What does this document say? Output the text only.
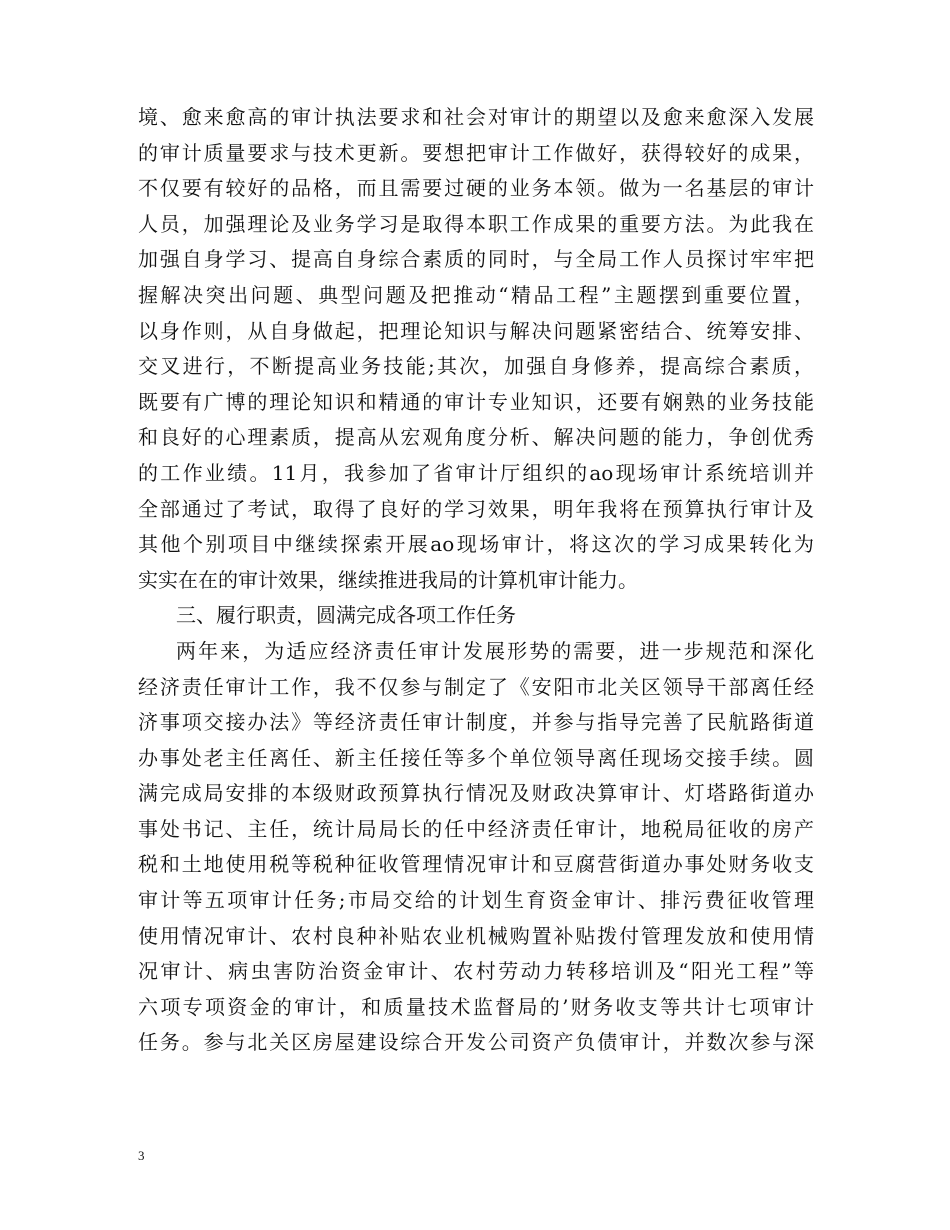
境、愈来愈高的审计执法要求和社会对审计的期望以及愈来愈深入发展
的审计质量要求与技术更新。要想把审计工作做好，获得较好的成果，
不仅要有较好的品格，而且需要过硬的业务本领。做为一名基层的审计
人员，加强理论及业务学习是取得本职工作成果的重要方法。为此我在
加强自身学习、提高自身综合素质的同时，与全局工作人员探讨牢牢把
握解决突出问题、典型问题及把推动“精品工程”主题摆到重要位置，
以身作则，从自身做起，把理论知识与解决问题紧密结合、统筹安排、
交叉进行，不断提高业务技能;其次，加强自身修养，提高综合素质，
既要有广博的理论知识和精通的审计专业知识，还要有娴熟的业务技能
和良好的心理素质，提高从宏观角度分析、解决问题的能力，争创优秀
的工作业绩。11月，我参加了省审计厅组织的ao现场审计系统培训并
全部通过了考试，取得了良好的学习效果，明年我将在预算执行审计及
其他个别项目中继续探索开展ao现场审计，将这次的学习成果转化为
实实在在的审计效果，继续推进我局的计算机审计能力。
三、履行职责，圆满完成各项工作任务
两年来，为适应经济责任审计发展形势的需要，进一步规范和深化
经济责任审计工作，我不仅参与制定了《安阳市北关区领导干部离任经
济事项交接办法》等经济责任审计制度，并参与指导完善了民航路街道
办事处老主任离任、新主任接任等多个单位领导离任现场交接手续。圆
满完成局安排的本级财政预算执行情况及财政决算审计、灯塔路街道办
事处书记、主任，统计局局长的任中经济责任审计，地税局征收的房产
税和土地使用税等税种征收管理情况审计和豆腐营街道办事处财务收支
审计等五项审计任务;市局交给的计划生育资金审计、排污费征收管理
使用情况审计、农村良种补贴农业机械购置补贴拨付管理发放和使用情
况审计、病虫害防治资金审计、农村劳动力转移培训及“阳光工程”等
六项专项资金的审计，和质量技术监督局的’财务收支等共计七项审计
任务。参与北关区房屋建设综合开发公司资产负债审计，并数次参与深
3
